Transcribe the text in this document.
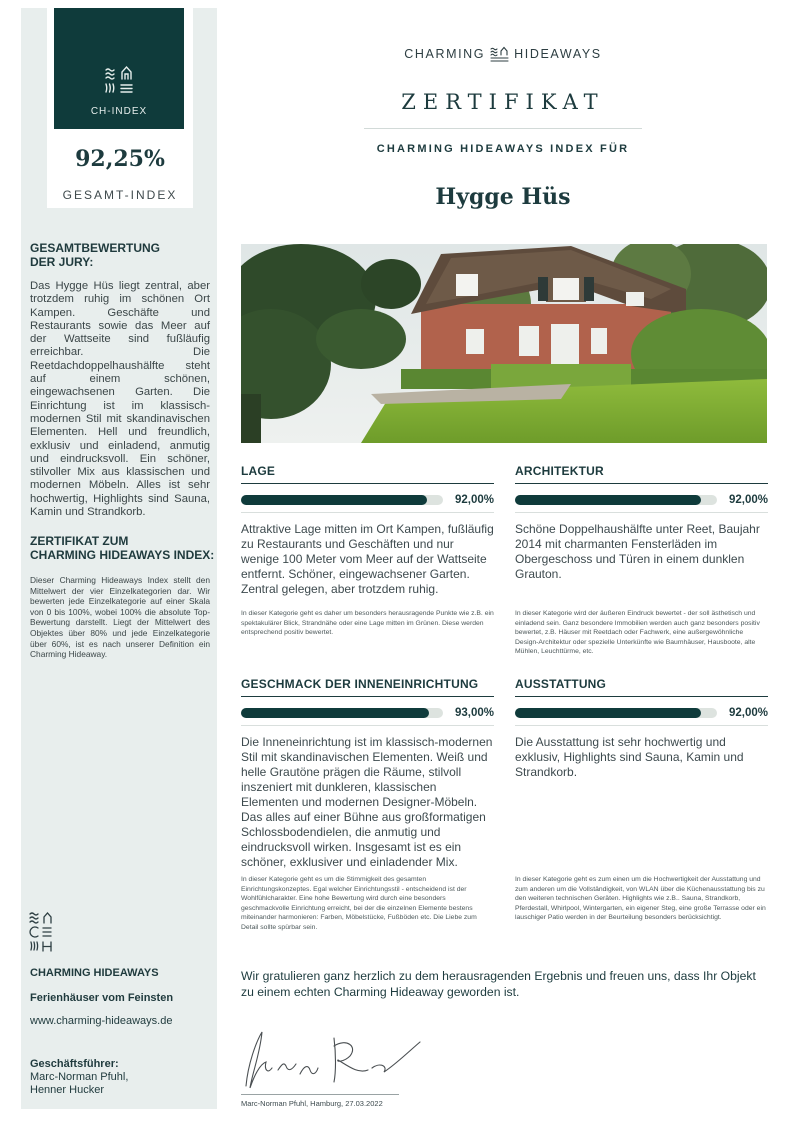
CH-INDEX
92,25%
GESAMT-INDEX
GESAMTBEWERTUNG
DER JURY:
Das Hygge Hüs liegt zentral, aber trotzdem ruhig im schönen Ort Kampen. Geschäfte und Restaurants sowie das Meer auf der Wattseite sind fußläufig erreichbar. Die Reetdachdoppelhaushälfte steht auf einem schönen, eingewachsenen Garten. Die Einrichtung ist im klassisch-modernen Stil mit skandinavischen Elementen. Hell und freundlich, exklusiv und einladend, anmutig und eindrucksvoll. Ein schöner, stilvoller Mix aus klassischen und modernen Möbeln. Alles ist sehr hochwertig, Highlights sind Sauna, Kamin und Strandkorb.
ZERTIFIKAT ZUM
CHARMING HIDEAWAYS INDEX:
Dieser Charming Hideaways Index stellt den Mittelwert der vier Einzelkategorien dar. Wir bewerten jede Einzelkategorie auf einer Skala von 0 bis 100%, wobei 100% die absolute Top-Bewertung darstellt. Liegt der Mittelwert des Objektes über 80% und jede Einzelkategorie über 60%, ist es nach unserer Definition ein Charming Hideaway.
CHARMING HIDEAWAYS
Ferienhäuser vom Feinsten
www.charming-hideaways.de
Geschäftsführer:
Marc-Norman Pfuhl,
Henner Hucker
CHARMING HIDEAWAYS
ZERTIFIKAT
CHARMING HIDEAWAYS INDEX FÜR
Hygge Hüs
LAGE
92,00%
Attraktive Lage mitten im Ort Kampen, fußläufig zu Restaurants und Geschäften und nur wenige 100 Meter vom Meer auf der Wattseite entfernt. Schöner, eingewachsener Garten. Zentral gelegen, aber trotzdem ruhig.
In dieser Kategorie geht es daher um besonders herausragende Punkte wie z.B. ein spektakulärer Blick, Strandnähe oder eine Lage mitten im Grünen. Diese werden entsprechend positiv bewertet.
ARCHITEKTUR
92,00%
Schöne Doppelhaushälfte unter Reet, Baujahr 2014 mit charmanten Fensterläden im Obergeschoss und Türen in einem dunklen Grauton.
In dieser Kategorie wird der äußeren Eindruck bewertet - der soll ästhetisch und einladend sein. Ganz besondere Immobilien werden auch ganz besonders positiv bewertet, z.B. Häuser mit Reetdach oder Fachwerk, eine außergewöhnliche Design-Architektur oder spezielle Unterkünfte wie Baumhäuser, Hausboote, alte Mühlen, Leuchttürme, etc.
GESCHMACK DER INNENEINRICHTUNG
93,00%
Die Inneneinrichtung ist im klassisch-modernen Stil mit skandinavischen Elementen. Weiß und helle Grautöne prägen die Räume, stilvoll inszeniert mit dunkleren, klassischen Elementen und modernen Designer-Möbeln. Das alles auf einer Bühne aus großformatigen Schlossbodendielen, die anmutig und eindrucksvoll wirken. Insgesamt ist es ein schöner, exklusiver und einladender Mix.
In dieser Kategorie geht es um die Stimmigkeit des gesamten Einrichtungskonzeptes. Egal welcher Einrichtungsstil - entscheidend ist der Wohlfühlcharakter. Eine hohe Bewertung wird durch eine besonders geschmackvolle Einrichtung erreicht, bei der die einzelnen Elemente bestens miteinander harmonieren: Farben, Möbelstücke, Fußböden etc. Die Liebe zum Detail sollte spürbar sein.
AUSSTATTUNG
92,00%
Die Ausstattung ist sehr hochwertig und exklusiv, Highlights sind Sauna, Kamin und Strandkorb.
In dieser Kategorie geht es zum einen um die Hochwertigkeit der Ausstattung und zum anderen um die Vollständigkeit, von WLAN über die Küchenausstattung bis zu den weiteren technischen Geräten. Highlights wie z.B.. Sauna, Strandkorb, Pferdestall, Whirlpool, Wintergarten, ein eigener Steg, eine große Terrasse oder ein lauschiger Patio werden in der Beurteilung besonders berücksichtigt.
Wir gratulieren ganz herzlich zu dem herausragenden Ergebnis und freuen uns, dass Ihr Objekt zu einem echten Charming Hideaway geworden ist.
Marc-Norman Pfuhl, Hamburg, 27.03.2022
